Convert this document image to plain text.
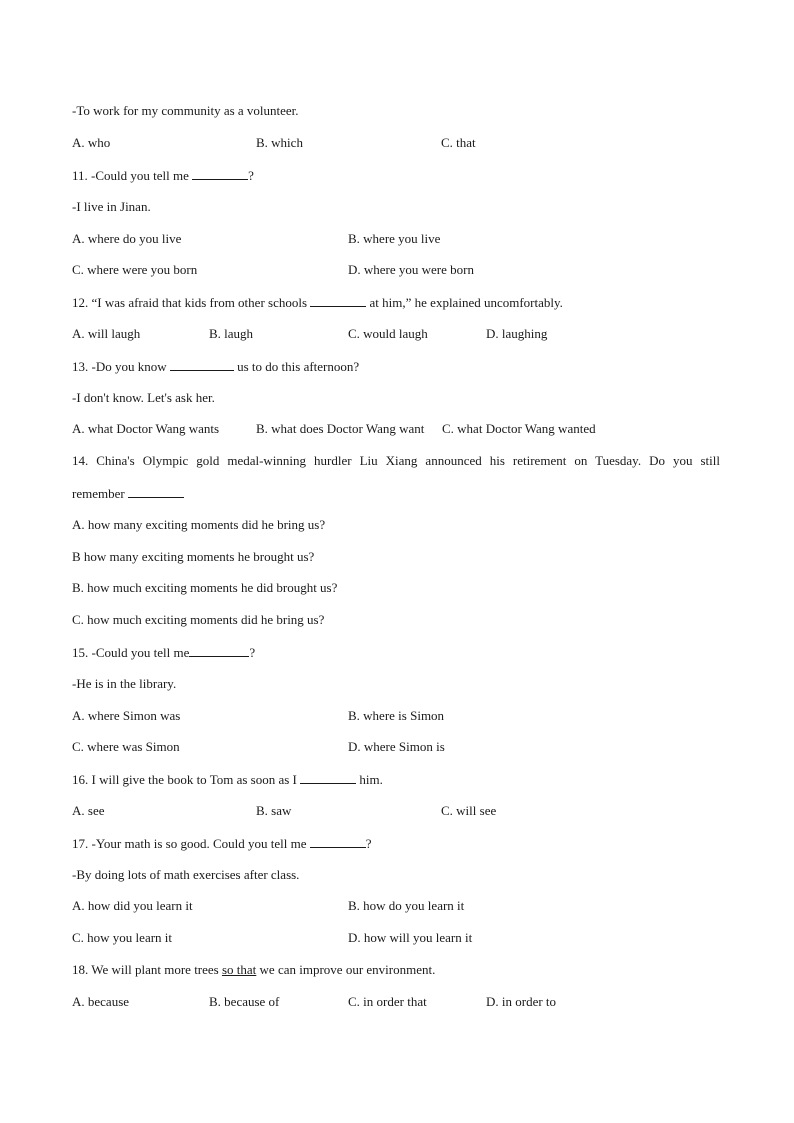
-To work for my community as a volunteer.
A. who	B. which	C. that
11. -Could you tell me	?
-I live in Jinan.
A. where do you live	B. where you live
C. where were you born	D. where you were born
12. “I was afraid that kids from other schools	at him,” he explained uncomfortably.
A. will laugh	B. laugh	C. would laugh	D. laughing
13. -Do you know	us to do this afternoon?
-I don't know. Let's ask her.
A. what Doctor Wang wants	B. what does Doctor Wang want C. what Doctor Wang wanted
14. China's Olympic gold medal-winning hurdler Liu Xiang announced his retirement on Tuesday. Do you still
remember
A. how many exciting moments did he bring us?
B how many exciting moments he brought us?
B. how much exciting moments he did brought us?
C. how much exciting moments did he bring us?
15. -Could you tell me	?
-He is in the library.
A. where Simon was	B. where is Simon
C. where was Simon	D. where Simon is
16. I will give the book to Tom as soon as I	him.
A. see	B. saw	C. will see
17. -Your math is so good. Could you tell me	?
-By doing lots of math exercises after class.
A. how did you learn it	B. how do you learn it
C. how you learn it	D. how will you learn it
18. We will plant more trees so that we can improve our environment.
A. because	B. because of	C. in order that	D. in order to
